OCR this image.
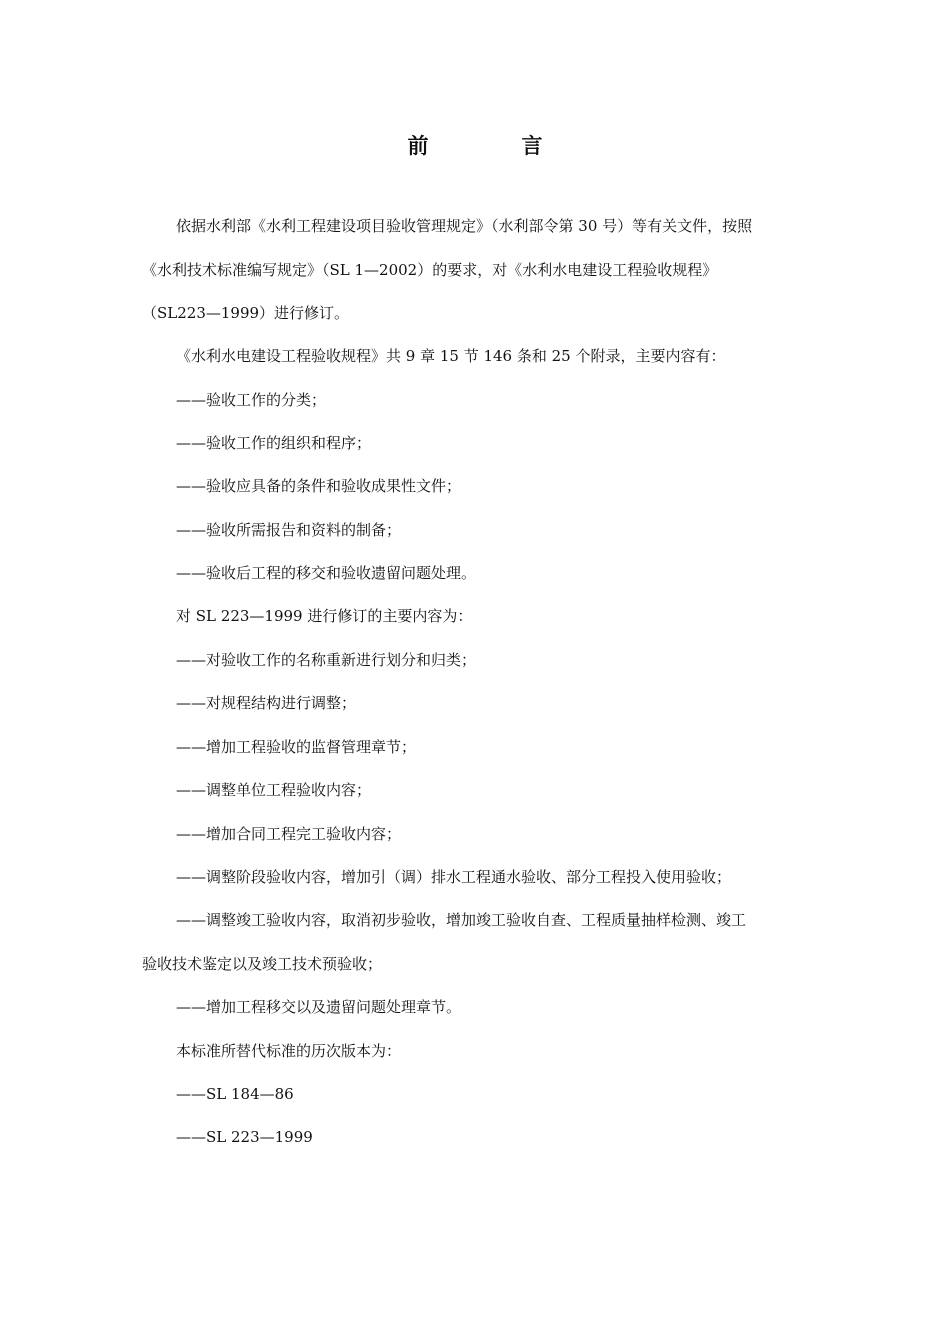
前　言
依据水利部《水利工程建设项目验收管理规定》（水利部令第 30 号）等有关文件，按照
《水利技术标准编写规定》（SL 1—2002）的要求，对《水利水电建设工程验收规程》
（SL223—1999）进行修订。
《水利水电建设工程验收规程》共 9 章 15 节 146 条和 25 个附录，主要内容有：
——验收工作的分类；
——验收工作的组织和程序；
——验收应具备的条件和验收成果性文件；
——验收所需报告和资料的制备；
——验收后工程的移交和验收遗留问题处理。
对 SL 223—1999 进行修订的主要内容为：
——对验收工作的名称重新进行划分和归类；
——对规程结构进行调整；
——增加工程验收的监督管理章节；
——调整单位工程验收内容；
——增加合同工程完工验收内容；
——调整阶段验收内容，增加引（调）排水工程通水验收、部分工程投入使用验收；
——调整竣工验收内容，取消初步验收，增加竣工验收自查、工程质量抽样检测、竣工
验收技术鉴定以及竣工技术预验收；
——增加工程移交以及遗留问题处理章节。
本标准所替代标准的历次版本为：
——SL 184—86
——SL 223—1999
